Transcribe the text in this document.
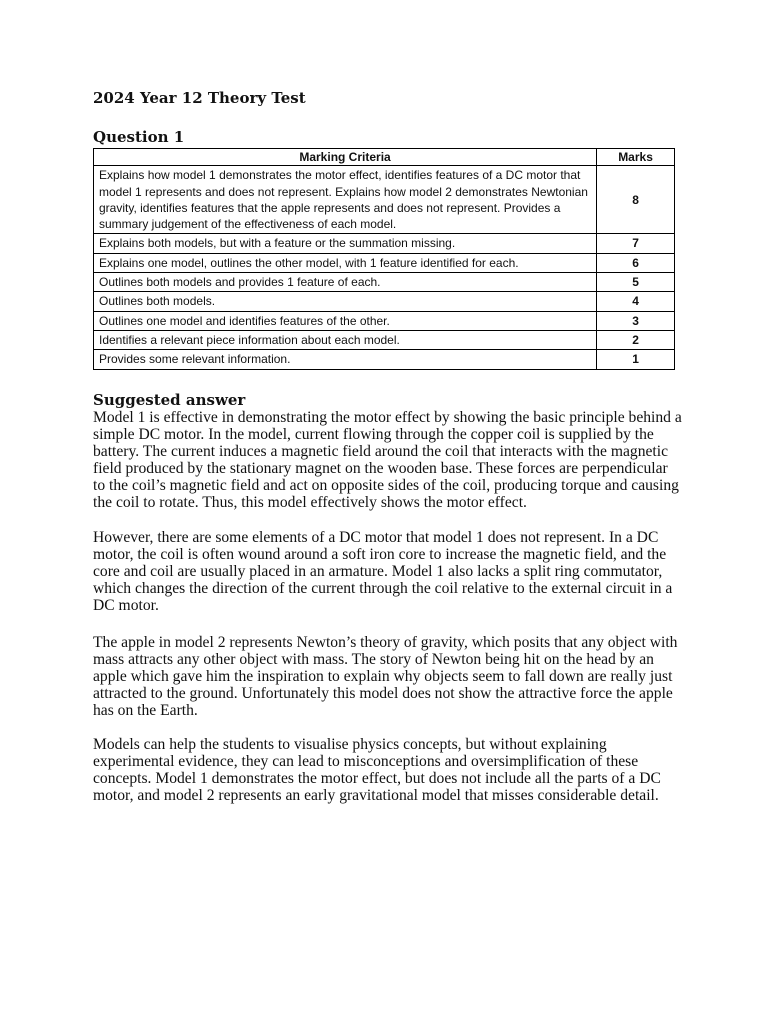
2024 Year 12 Theory Test
Question 1
Marking Criteria	Marks
Explains how model 1 demonstrates the motor effect, identifies features of a DC motor that model 1 represents and does not represent. Explains how model 2 demonstrates Newtonian gravity, identifies features that the apple represents and does not represent. Provides a summary judgement of the effectiveness of each model.	8
Explains both models, but with a feature or the summation missing.	7
Explains one model, outlines the other model, with 1 feature identified for each.	6
Outlines both models and provides 1 feature of each.	5
Outlines both models.	4
Outlines one model and identifies features of the other.	3
Identifies a relevant piece information about each model.	2
Provides some relevant information.	1
Suggested answer

Model 1 is effective in demonstrating the motor effect by showing the basic principle behind a simple DC motor. In the model, current flowing through the copper coil is supplied by the battery. The current induces a magnetic field around the coil that interacts with the magnetic field produced by the stationary magnet on the wooden base. These forces are perpendicular to the coil’s magnetic field and act on opposite sides of the coil, producing torque and causing the coil to rotate. Thus, this model effectively shows the motor effect.

However, there are some elements of a DC motor that model 1 does not represent. In a DC motor, the coil is often wound around a soft iron core to increase the magnetic field, and the core and coil are usually placed in an armature. Model 1 also lacks a split ring commutator, which changes the direction of the current through the coil relative to the external circuit in a DC motor.

The apple in model 2 represents Newton’s theory of gravity, which posits that any object with mass attracts any other object with mass. The story of Newton being hit on the head by an apple which gave him the inspiration to explain why objects seem to fall down are really just attracted to the ground. Unfortunately this model does not show the attractive force the apple has on the Earth.

Models can help the students to visualise physics concepts, but without explaining experimental evidence, they can lead to misconceptions and oversimplification of these concepts. Model 1 demonstrates the motor effect, but does not include all the parts of a DC motor, and model 2 represents an early gravitational model that misses considerable detail.
